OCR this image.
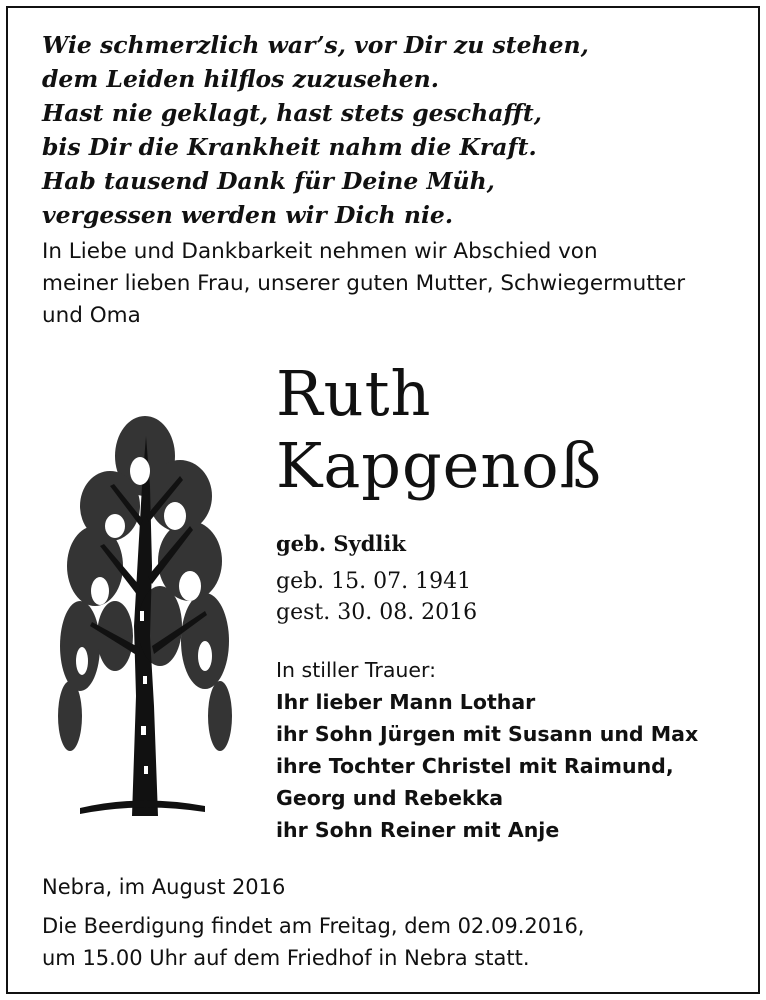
Wie schmerzlich war’s, vor Dir zu stehen,
dem Leiden hilflos zuzusehen.
Hast nie geklagt, hast stets geschafft,
bis Dir die Krankheit nahm die Kraft.
Hab tausend Dank für Deine Müh,
vergessen werden wir Dich nie.
In Liebe und Dankbarkeit nehmen wir Abschied von
meiner lieben Frau, unserer guten Mutter, Schwiegermutter
und Oma
Ruth
Kapgenoß
geb. Sydlik
geb. 15. 07. 1941
gest. 30. 08. 2016
In stiller Trauer:
Ihr lieber Mann Lothar
ihr Sohn Jürgen mit Susann und Max
ihre Tochter Christel mit Raimund,
Georg und Rebekka
ihr Sohn Reiner mit Anje
Nebra, im August 2016
Die Beerdigung findet am Freitag, dem 02.09.2016,
um 15.00 Uhr auf dem Friedhof in Nebra statt.
